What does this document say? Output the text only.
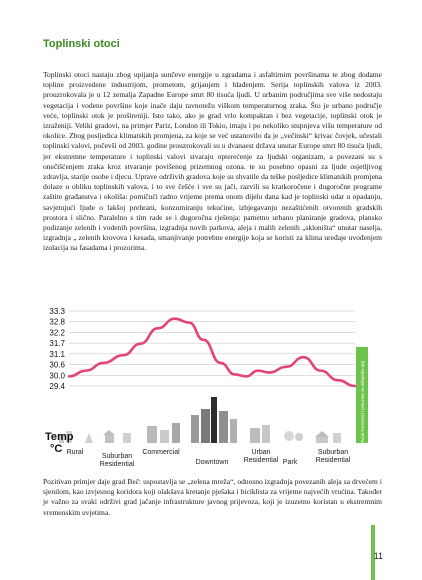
Toplinski otoci

Toplinski otoci nastaju zbog upijanja sunčeve energije u zgradama i asfaltirnim površinama te zbog dodatne topline proizvedene industrijom, prometom, grijanjem i hlađenjem. Serija toplinskih valova iz 2003. prouzrokovala je u 12 zemalja Zapadne Europe smrt 80 tisuća ljudi. U urbanim područjima sve više nedostaju vegetacija i vodene površine koje inače daju ravnotežu viškom temperaturnog zraka. Što je urbano područje veće, toplinski otok je prošireniji. Isto tako, ako je grad vrlo kompaktan i bez vegetacije, toplinski otok je izraženiji. Veliki gradovi, na primjer Pariz, London ili Tokio, imaju i po nekoliko stupnjeva višu temperature od okolice. Zbog posljedica klimatskih promjena, za koje se već ustanovilo da je „večinski“ krivac čovjek, učestali toplinski valovi, počevši od 2003. godine prouzrokovali su u dvanaest država unutar Europe smrt 80 tisuća ljudi, jer ekstremne temperature i toplinski valovi stvaraju opterećenje za ljudski organizam, a povezani su s onečišćenjem zraka kroz stvaranje povišenog prizemnog ozona. te su posebno opasni za ljude osjetljivog zdravlja, starije osobe i djecu. Uprave održivih gradova koje su shvatile da teške posljedice klimatskih promjena dolaze u obliku toplinskih valova, i to sve češće i sve su jači, razvili su kratkoročene i dugoročne programe zaštite građanstva i okoliša: pomičući radno vrijeme prema onom dijelu dana kad je toplinski udar u opadanju, savjetujući ljude o lakšoj prehrani, konzumiranju tekućine, izbjegavanju nezaštićenih otvorenih gradskih prostora i slično. Paralelno s tim rade se i dugoročna rješenja: pametno urbano planiranje gradova, plansko podizanje zelenih i vodenih površina, izgradnja novih parkova, aleja i malih zelenih „skloništa“ unutar naselja, izgradnja „ zelenih krovova i kesada, smanjivanje potrebne energije koja se koristi za klima uređaje uvođenjem izolacija na fasadama i prozorima.

33.3
32.8
32.2
31.7
31.1
30.6
30.0
29.4	Rural Farmland / preuzeto sa wikipedia.org
Temp
°C Rural
Suburban Residential
Commercial
Downtown
Urban Residential Park
Suburban Residential

Pozitivan primjer daje grad Beč: uspostavlja se „zelena mreža“, odnosno izgradnja povezanih aleja sa drvećem i sjenilom, kao izvjesnog koridora koji olakšava kretanje pješaka i biciklista za vrijeme najvećih vrućina. Također je važno za svaki održivi grad jačanje infrastrukture javnog prijevoza, koji je izuzetno koristan u ekstremnim vremenskim uvjetima.

11
